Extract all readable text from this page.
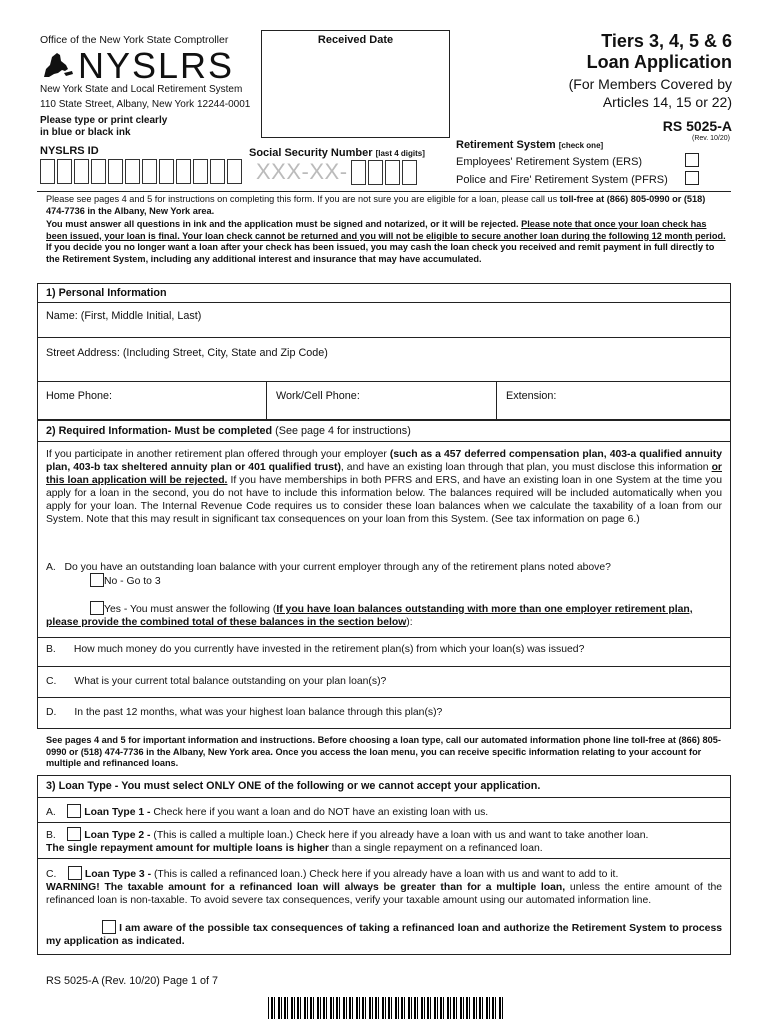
Office of the New York State Comptroller
NYSLRS
New York State and Local Retirement System
110 State Street, Albany, New York 12244-0001
Please type or print clearly
in blue or black ink
Received Date	Tiers 3, 4, 5 & 6
Loan Application
(For Members Covered by
Articles 14, 15 or 22)
RS 5025-A
(Rev. 10/20)
NYSLRS ID	Social Security Number [last 4 digits]
XXX-XX-
Retirement System [check one]
Employees' Retirement System (ERS)
Police and Fire' Retirement System (PFRS)
Please see pages 4 and 5 for instructions on completing this form. If you are not sure you are eligible for a loan, please call us toll-free at (866) 805-0990 or (518) 474-7736 in the Albany, New York area.
You must answer all questions in ink and the application must be signed and notarized, or it will be rejected. Please note that once your loan check has been issued, your loan is final. Your loan check cannot be returned and you will not be eligible to secure another loan during the following 12 month period. If you decide you no longer want a loan after your check has been issued, you may cash the loan check you received and remit payment in full directly to the Retirement System, including any additional interest and insurance that may have accumulated.
1) Personal Information
Name: (First, Middle Initial, Last)
Street Address: (Including Street, City, State and Zip Code)
Home Phone:	Work/Cell Phone:	Extension:
2) Required Information- Must be completed (See page 4 for instructions)
If you participate in another retirement plan offered through your employer (such as a 457 deferred compensation plan, 403-a qualified annuity plan, 403-b tax sheltered annuity plan or 401 qualified trust), and have an existing loan through that plan, you must disclose this information or this loan application will be rejected. If you have memberships in both PFRS and ERS, and have an existing loan in one System at the time you apply for a loan in the second, you do not have to include this information below. The balances required will be included automatically when you apply for your loan. The Internal Revenue Code requires us to consider these loan balances when we calculate the taxability of a loan from our System. Note that this may result in significant tax consequences on your loan from this System. (See tax information on page 6.)
A. Do you have an outstanding loan balance with your current employer through any of the retirement plans noted above?
No - Go to 3
Yes - You must answer the following (If you have loan balances outstanding with more than one employer retirement plan, please provide the combined total of these balances in the section below):
B. How much money do you currently have invested in the retirement plan(s) from which your loan(s) was issued?
C. What is your current total balance outstanding on your plan loan(s)?
D. In the past 12 months, what was your highest loan balance through this plan(s)?
See pages 4 and 5 for important information and instructions. Before choosing a loan type, call our automated information phone line toll-free at (866) 805-0990 or (518) 474-7736 in the Albany, New York area. Once you access the loan menu, you can receive specific information relating to your account for multiple and refinanced loans.
3) Loan Type - You must select ONLY ONE of the following or we cannot accept your application.
A.	Loan Type 1 - Check here if you want a loan and do NOT have an existing loan with us.
B.	Loan Type 2 - (This is called a multiple loan.) Check here if you already have a loan with us and want to take another loan.
The single repayment amount for multiple loans is higher than a single repayment on a refinanced loan.
C.	Loan Type 3 - (This is called a refinanced loan.) Check here if you already have a loan with us and want to add to it.
WARNING! The taxable amount for a refinanced loan will always be greater than for a multiple loan, unless the entire amount of the refinanced loan is non-taxable. To avoid severe tax consequences, verify your taxable amount using our automated information line.
I am aware of the possible tax consequences of taking a refinanced loan and authorize the Retirement System to process my application as indicated.
RS 5025-A (Rev. 10/20) Page 1 of 7
